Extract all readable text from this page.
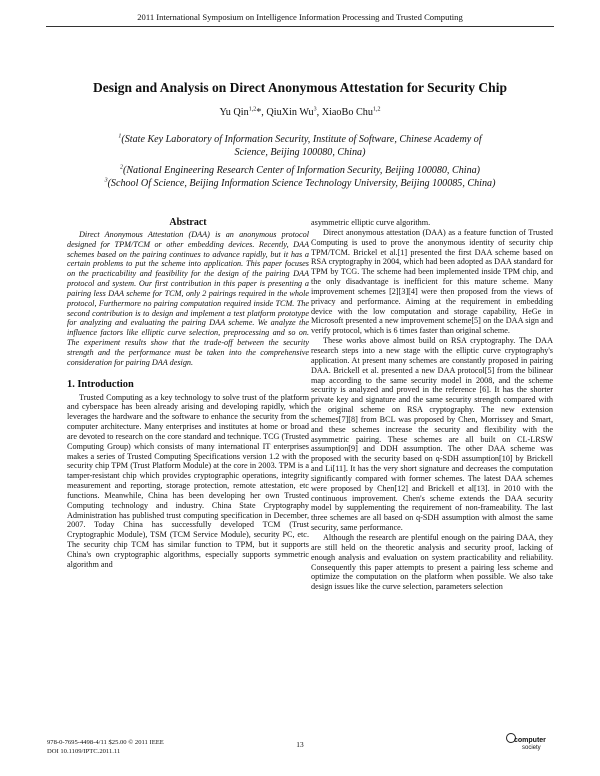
2011 International Symposium on Intelligence Information Processing and Trusted Computing
Design and Analysis on Direct Anonymous Attestation for Security Chip
Yu Qin$^{1,2}$*, QiuXin Wu$^3$, XiaoBo Chu$^{1,2}$
$^1$(State Key Laboratory of Information Security, Institute of Software, Chinese Academy of
Science, Beijing 100080, China)
$^2$(National Engineering Research Center of Information Security, Beijing 100080, China)
$^3$(School Of Science, Beijing Information Science Technology University, Beijing 100085, China)
Abstract

Direct Anonymous Attestation (DAA) is an anonymous protocol designed for TPM/TCM or other embedding devices. Recently, DAA schemes based on the pairing continues to advance rapidly, but it has a certain problems to put the scheme into application. This paper focuses on the practicability and feasibility for the design of the pairing DAA protocol and system. Our first contribution in this paper is presenting a pairing less DAA scheme for TCM, only 2 pairings required in the whole protocol, Furthermore no pairing computation required inside TCM. The second contribution is to design and implement a test platform prototype for analyzing and evaluating the pairing DAA scheme. We analyze the influence factors like elliptic curve selection, preprocessing and so on. The experiment results show that the trade-off between the security strength and the performance must be taken into the comprehensive consideration for pairing DAA design.

1. Introduction

Trusted Computing as a key technology to solve trust of the platform and cyberspace has been already arising and developing rapidly, which leverages the hardware and the software to enhance the security from the computer architecture. Many enterprises and institutes at home or broad are devoted to research on the core standard and technique. TCG (Trusted Computing Group) which consists of many international IT enterprises makes a series of Trusted Computing Specifications version 1.2 with the security chip TPM (Trust Platform Module) at the core in 2003. TPM is a tamper-resistant chip which provides cryptographic operations, integrity measurement and reporting, storage protection, remote attestation, etc functions. Meanwhile, China has been developing her own Trusted Computing technology and industry. China State Cryptography Administration has published trust computing specification in December, 2007. Today China has successfully developed TCM (Trust Cryptographic Module), TSM (TCM Service Module), security PC, etc. The security chip TCM has similar function to TPM, but it supports China's own cryptographic algorithms, especially supports symmetric algorithm and

asymmetric elliptic curve algorithm.

Direct anonymous attestation (DAA) as a feature function of Trusted Computing is used to prove the anonymous identity of security chip TPM/TCM. Brickel et al.[1] presented the first DAA scheme based on RSA cryptography in 2004, which had been adopted as DAA standard for TPM by TCG. The scheme had been implemented inside TPM chip, and the only disadvantage is inefficient for this mature scheme. Many improvement schemes [2][3][4] were then proposed from the views of privacy and performance. Aiming at the requirement in embedding device with the low computation and storage capability, HeGe in Microsoft presented a new improvement scheme[5] on the DAA sign and verify protocol, which is 6 times faster than original scheme.

These works above almost build on RSA cryptography. The DAA research steps into a new stage with the elliptic curve cryptography's application. At present many schemes are constantly proposed in pairing DAA. Brickell et al. presented a new DAA protocol[5] from the bilinear map according to the same security model in 2008, and the scheme security is analyzed and proved in the reference [6]. It has the shorter private key and signature and the same security strength compared with the original scheme on RSA cryptography. The new extension schemes[7][8] from BCL was proposed by Chen, Morrissey and Smart, and these schemes increase the security and flexibility with the asymmetric pairing. These schemes are all built on CL-LRSW assumption[9] and DDH assumption. The other DAA scheme was proposed with the security based on q-SDH assumption[10] by Brickell and Li[11]. It has the very short signature and decreases the computation significantly compared with former schemes. The latest DAA schemes were proposed by Chen[12] and Brickell et al[13]. in 2010 with the continuous improvement. Chen's scheme extends the DAA security model by supplementing the requirement of non-frameability. The last three schemes are all based on q-SDH assumption with almost the same security, same performance.

Although the research are plentiful enough on the pairing DAA, they are still held on the theoretic analysis and security proof, lacking of enough analysis and evaluation on system practicability and reliability. Consequently this paper attempts to present a pairing less scheme and optimize the computation on the platform when possible. We also take design issues like the curve selection, parameters selection

978-0-7695-4498-4/11 $25.00 © 2011 IEEE
DOI 10.1109/IPTC.2011.11
13	computer
society
